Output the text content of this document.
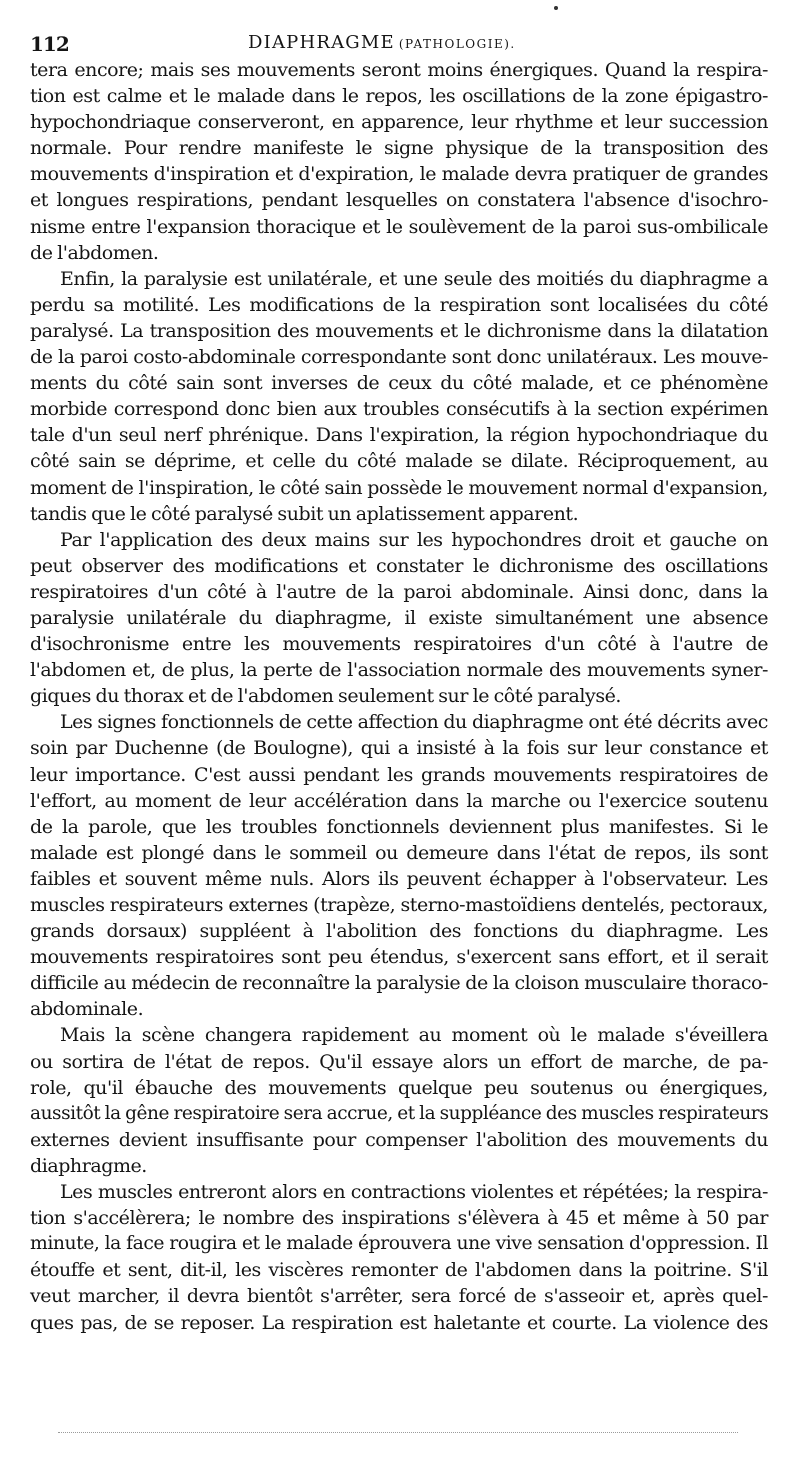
112	DIAPHRAGME (PATHOLOGIE).
tera encore; mais ses mouvements seront moins énergiques. Quand la respira-
tion est calme et le malade dans le repos, les oscillations de la zone épigastro-
hypochondriaque conserveront, en apparence, leur rhythme et leur succession
normale. Pour rendre manifeste le signe physique de la transposition des
mouvements d'inspiration et d'expiration, le malade devra pratiquer de grandes
et longues respirations, pendant lesquelles on constatera l'absence d'isochro-
nisme entre l'expansion thoracique et le soulèvement de la paroi sus-ombilicale
de l'abdomen.
Enfin, la paralysie est unilatérale, et une seule des moitiés du diaphragme a
perdu sa motilité. Les modifications de la respiration sont localisées du côté
paralysé. La transposition des mouvements et le dichronisme dans la dilatation
de la paroi costo-abdominale correspondante sont donc unilatéraux. Les mouve-
ments du côté sain sont inverses de ceux du côté malade, et ce phénomène
morbide correspond donc bien aux troubles consécutifs à la section expérimen
tale d'un seul nerf phrénique. Dans l'expiration, la région hypochondriaque du
côté sain se déprime, et celle du côté malade se dilate. Réciproquement, au
moment de l'inspiration, le côté sain possède le mouvement normal d'expansion,
tandis que le côté paralysé subit un aplatissement apparent.
Par l'application des deux mains sur les hypochondres droit et gauche on
peut observer des modifications et constater le dichronisme des oscillations
respiratoires d'un côté à l'autre de la paroi abdominale. Ainsi donc, dans la
paralysie unilatérale du diaphragme, il existe simultanément une absence
d'isochronisme entre les mouvements respiratoires d'un côté à l'autre de
l'abdomen et, de plus, la perte de l'association normale des mouvements syner-
giques du thorax et de l'abdomen seulement sur le côté paralysé.
Les signes fonctionnels de cette affection du diaphragme ont été décrits avec
soin par Duchenne (de Boulogne), qui a insisté à la fois sur leur constance et
leur importance. C'est aussi pendant les grands mouvements respiratoires de
l'effort, au moment de leur accélération dans la marche ou l'exercice soutenu
de la parole, que les troubles fonctionnels deviennent plus manifestes. Si le
malade est plongé dans le sommeil ou demeure dans l'état de repos, ils sont
faibles et souvent même nuls. Alors ils peuvent échapper à l'observateur. Les
muscles respirateurs externes (trapèze, sterno-mastoïdiens dentelés, pectoraux,
grands dorsaux) suppléent à l'abolition des fonctions du diaphragme. Les
mouvements respiratoires sont peu étendus, s'exercent sans effort, et il serait
difficile au médecin de reconnaître la paralysie de la cloison musculaire thoraco-
abdominale.
Mais la scène changera rapidement au moment où le malade s'éveillera
ou sortira de l'état de repos. Qu'il essaye alors un effort de marche, de pa-
role, qu'il ébauche des mouvements quelque peu soutenus ou énergiques,
aussitôt la gêne respiratoire sera accrue, et la suppléance des muscles respirateurs
externes devient insuffisante pour compenser l'abolition des mouvements du
diaphragme.
Les muscles entreront alors en contractions violentes et répétées; la respira-
tion s'accélèrera; le nombre des inspirations s'élèvera à 45 et même à 50 par
minute, la face rougira et le malade éprouvera une vive sensation d'oppression. Il
étouffe et sent, dit-il, les viscères remonter de l'abdomen dans la poitrine. S'il
veut marcher, il devra bientôt s'arrêter, sera forcé de s'asseoir et, après quel-
ques pas, de se reposer. La respiration est haletante et courte. La violence des
